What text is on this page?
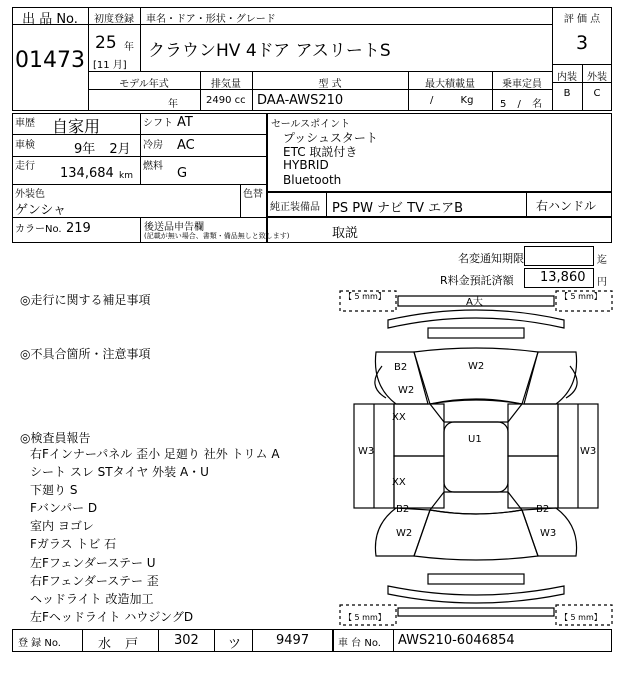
出 品 No.
01473
初度登録
25 年
[11 月]
車名・ドア・形状・グレード
クラウンHV 4ドア アスリートS
モデル年式
年
排気量
2490 cc
型 式
DAA-AWS210
最大積載量
/ Kg
乗車定員
5 / 名
評 価 点
3
内装	外装
B	C
車歴 自家用	シフト AT
車検	9年 2月 冷房 AC
走行 134,684 km
燃料 G
外装色
ゲンシャ
色替
カラーNo. 219	後送品申告欄
(記載が無い場合、書類・備品無しと致します)
セールスポイント
プッシュスタート
ETC 取説付き
HYBRID
Bluetooth
純正装備品 PS PW ナビ TV エアB	右ハンドル
取説
名変通知期限	迄
R料金預託済額 13,860 円
◎走行に関する補足事項
◎不具合箇所・注意事項
◎検査員報告
右Fインナーパネル 歪小 足廻り 社外 トリム A
シート スレ STタイヤ 外装 A・U
下廻り S
Fバンパー D
室内 ヨゴレ
Fガラス トビ 石
左Fフェンダーステー U
右Fフェンダーステー 歪
ヘッドライト 改造加工
左Fヘッドライト ハウジングD
【 5 mm】	【 5 mm】
【 5 mm】	【 5 mm】
A大
W2
B2
W2
XX
U1
W3	W3
XX
B2	B2
W2	W3
登 録 No.	水 戸	302 ツ	9497	車 台 No. AWS210-6046854
